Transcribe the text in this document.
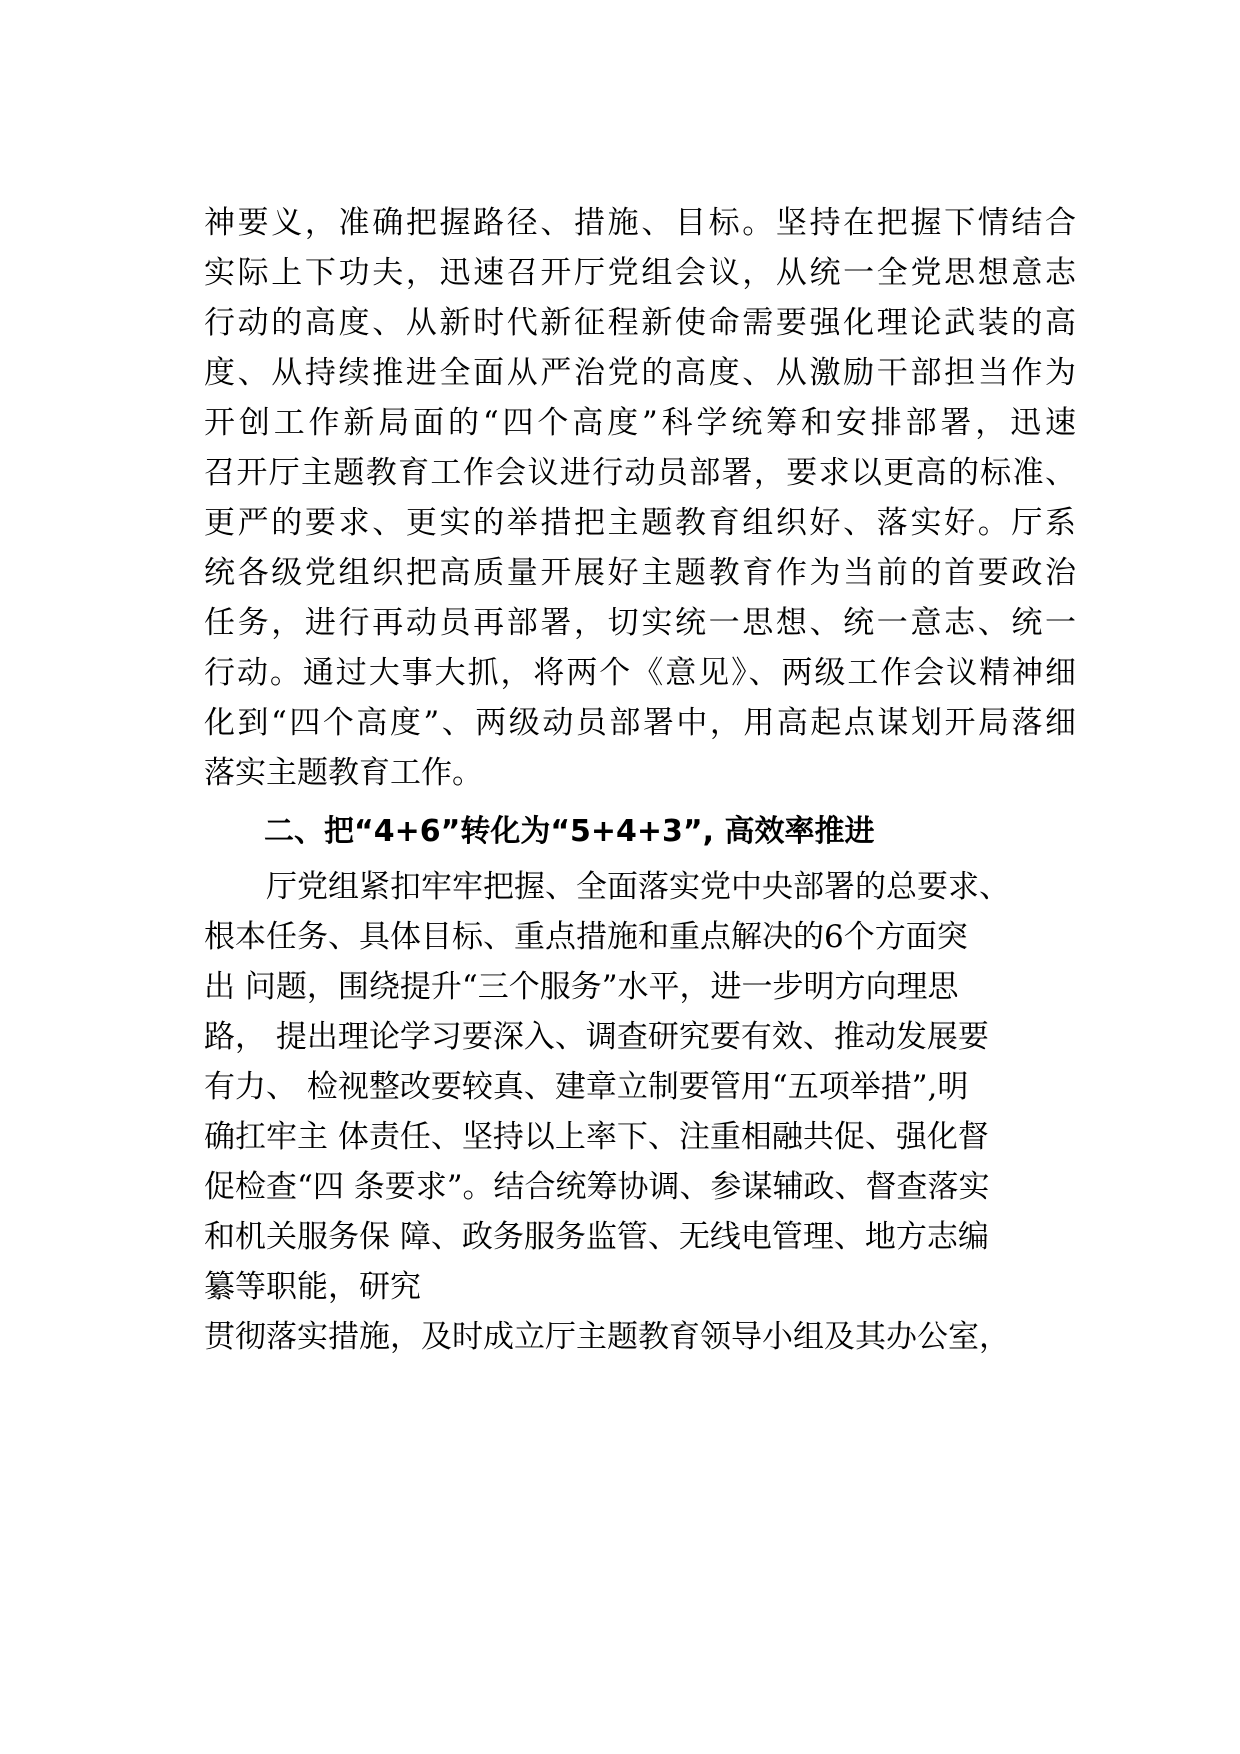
神要义，准确把握路径、措施、目标。坚持在把握下情结合

实际上下功夫，迅速召开厅党组会议，从统一全党思想意志

行动的高度、从新时代新征程新使命需要强化理论武装的高

度、从持续推进全面从严治党的高度、从激励干部担当作为

开创工作新局面的“四个高度”科学统筹和安排部署，迅速

召开厅主题教育工作会议进行动员部署，要求以更高的标准、

更严的要求、更实的举措把主题教育组织好、落实好。厅系

统各级党组织把高质量开展好主题教育作为当前的首要政治

任务，进行再动员再部署，切实统一思想、统一意志、统一

行动。通过大事大抓，将两个《意见》、两级工作会议精神细

化到“四个高度”、两级动员部署中，用高起点谋划开局落细

落实主题教育工作。

二、把“4+6”转化为“5+4+3”, 高效率推进

厅党组紧扣牢牢把握、全面落实党中央部署的总要求、

根本任务、具体目标、重点措施和重点解决的6个方面突

出 问题，围绕提升“三个服务”水平，进一步明方向理思

路， 提出理论学习要深入、调查研究要有效、推动发展要

有力、 检视整改要较真、建章立制要管用“五项举措”,明

确扛牢主 体责任、坚持以上率下、注重相融共促、强化督

促检查“四 条要求”。结合统筹协调、参谋辅政、督查落实

和机关服务保 障、政务服务监管、无线电管理、地方志编

纂等职能，研究

贯彻落实措施，及时成立厅主题教育领导小组及其办公室，
